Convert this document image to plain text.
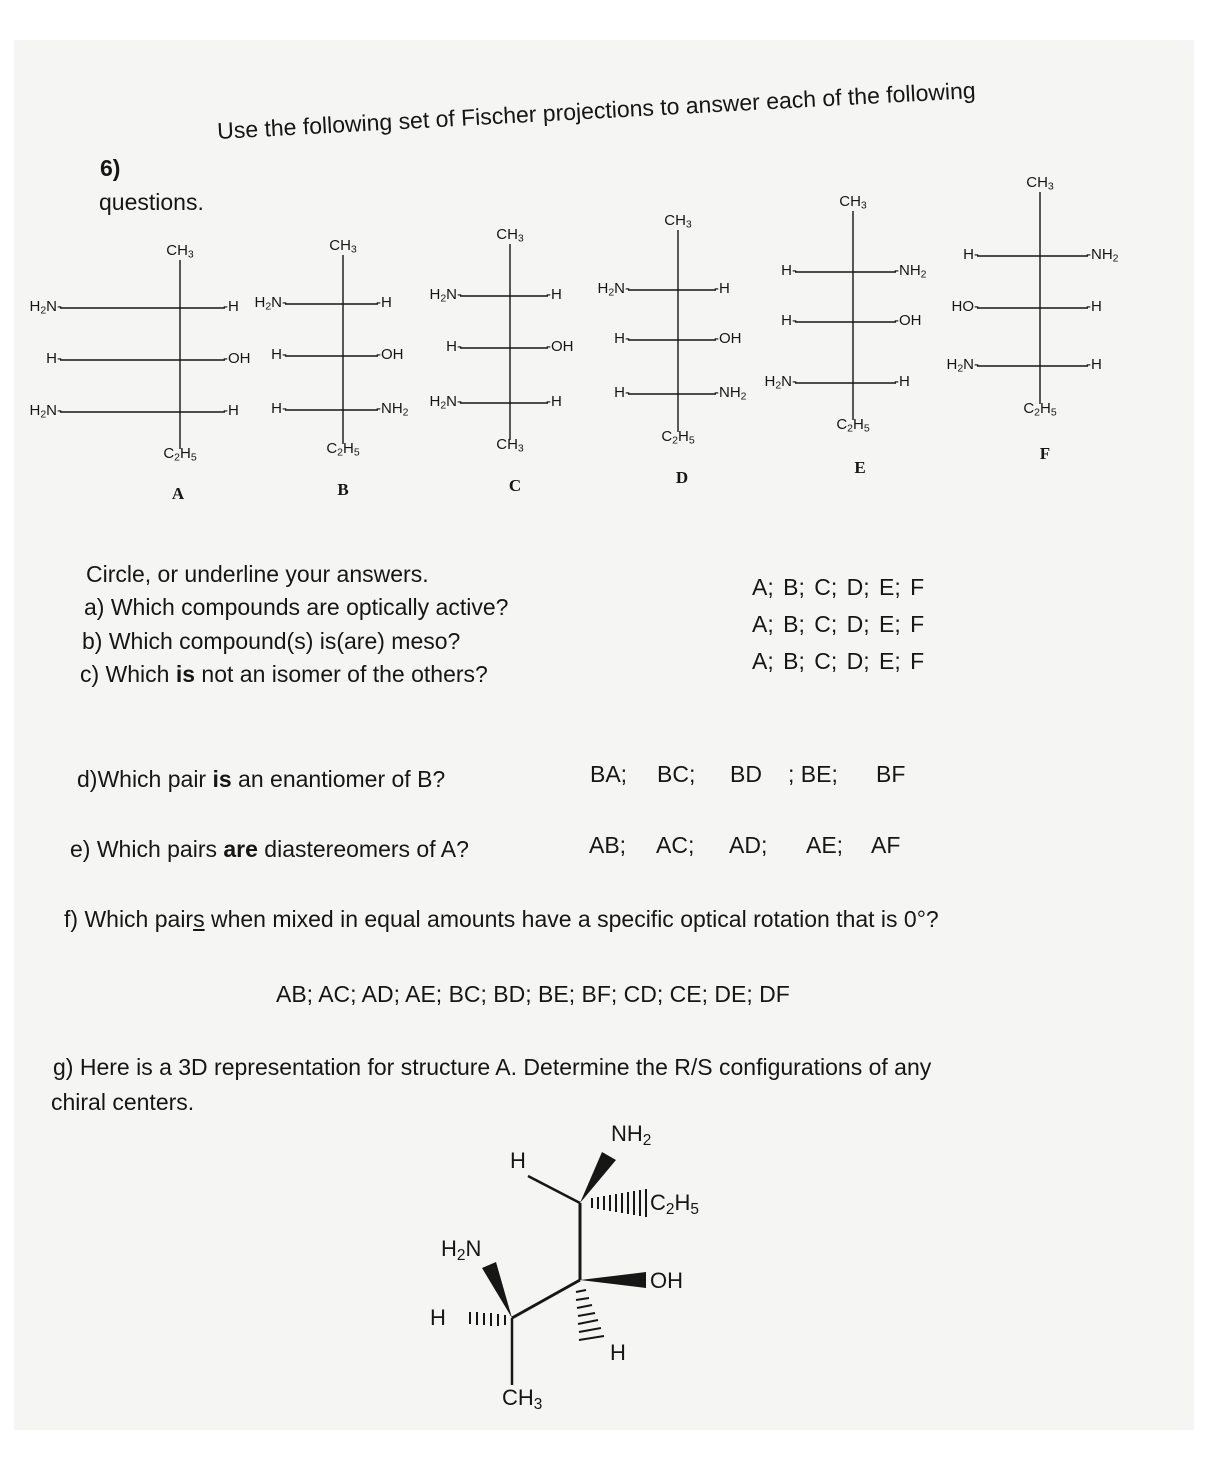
6)
Use the following set of Fischer projections to answer each of the following
questions.
$CH_3$
$C_2H_5$
$H_2N-$	-H
H-	-OH
$H_2N-$	-H
A
$CH_3$
$C_2H_5$
$H_2N-$	-H
H-	-OH
H-	$-NH_2$
B
$CH_3$
$CH_3$
$H_2N-$	-H
H-	-OH
$H_2N-$	-H
C
$CH_3$
$C_2H_5$
$H_2N-$	-H
H-	-OH
H-	$-NH_2$
D
$CH_3$
$C_2H_5$
H-	$-NH_2$
H-	-OH
$H_2N-$	-H
E
$CH_3$
$C_2H_5$
H-	$-NH_2$
HO-	-H
$H_2N-$	-H
F
Circle, or underline your answers.
a) Which compounds are optically active?
b) Which compound(s) is(are) meso?
c) Which is not an isomer of the others?
A; B; C; D; E; F
A; B; C; D; E; F
A; B; C; D; E; F
d)Which pair is an enantiomer of B?	BA; BC; BD ; BE; BF
e) Which pairs are diastereomers of A?	AB; AC; AD; AE; AF
f) Which pairs when mixed in equal amounts have a specific optical rotation that is 0°?
AB; AC; AD; AE; BC; BD; BE; BF; CD; CE; DE; DF
g) Here is a 3D representation for structure A. Determine the R/S configurations of any
chiral centers.
$NH_2$
H
$C_2H_5$
$H_2N$
OH
H
H
$CH_3$
